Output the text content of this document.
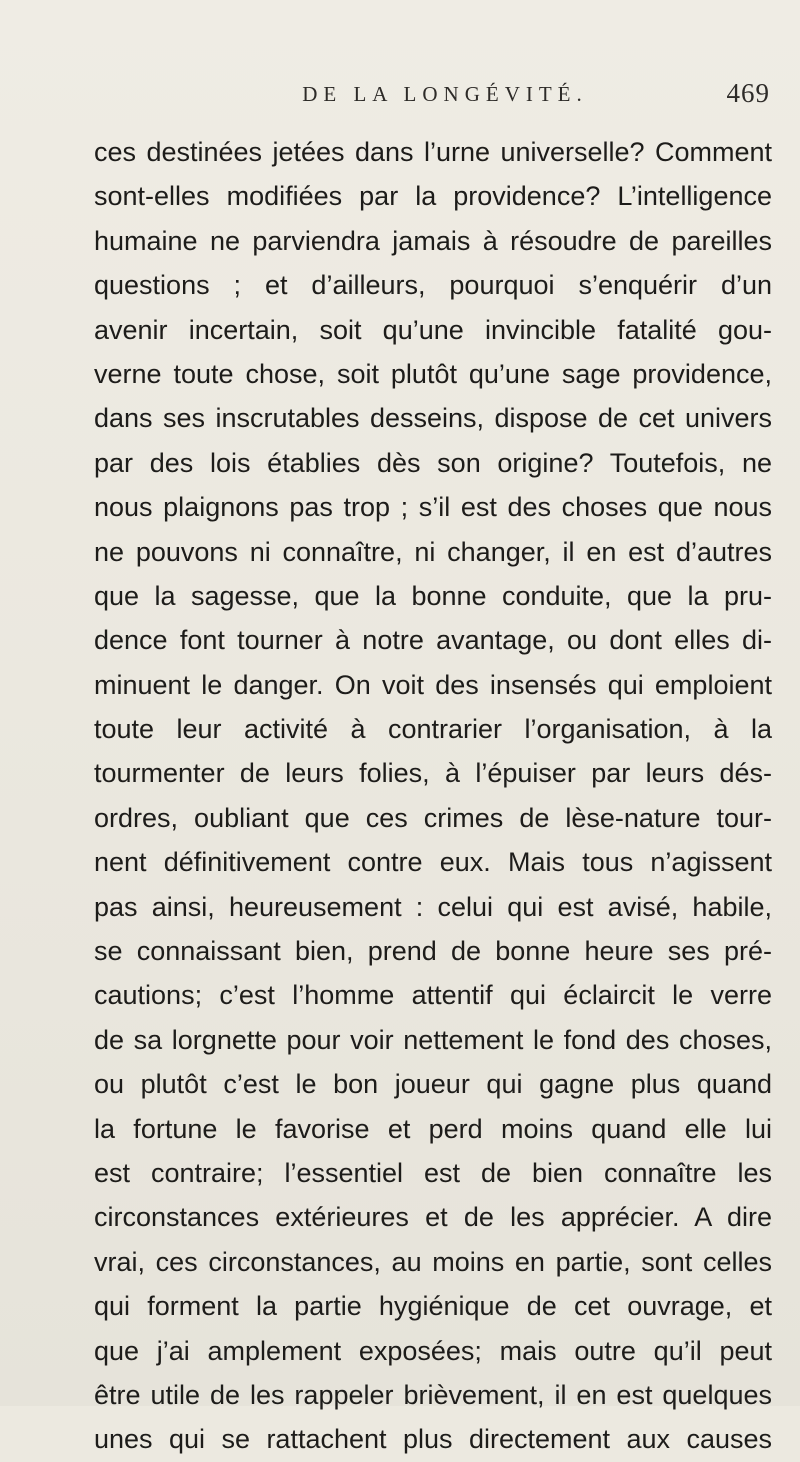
DE LA LONGÉVITÉ.	469
ces destinées jetées dans l’urne universelle? Comment
sont-elles modifiées par la providence? L’intelligence
humaine ne parviendra jamais à résoudre de pareilles
questions ; et d’ailleurs, pourquoi s’enquérir d’un
avenir incertain, soit qu’une invincible fatalité gou-
verne toute chose, soit plutôt qu’une sage providence,
dans ses inscrutables desseins, dispose de cet univers
par des lois établies dès son origine? Toutefois, ne
nous plaignons pas trop ; s’il est des choses que nous
ne pouvons ni connaître, ni changer, il en est d’autres
que la sagesse, que la bonne conduite, que la pru-
dence font tourner à notre avantage, ou dont elles di-
minuent le danger. On voit des insensés qui emploient
toute leur activité à contrarier l’organisation, à la
tourmenter de leurs folies, à l’épuiser par leurs dés-
ordres, oubliant que ces crimes de lèse-nature tour-
nent définitivement contre eux. Mais tous n’agissent
pas ainsi, heureusement : celui qui est avisé, habile,
se connaissant bien, prend de bonne heure ses pré-
cautions; c’est l’homme attentif qui éclaircit le verre
de sa lorgnette pour voir nettement le fond des choses,
ou plutôt c’est le bon joueur qui gagne plus quand
la fortune le favorise et perd moins quand elle lui
est contraire; l’essentiel est de bien connaître les
circonstances extérieures et de les apprécier. A dire
vrai, ces circonstances, au moins en partie, sont celles
qui forment la partie hygiénique de cet ouvrage, et
que j’ai amplement exposées; mais outre qu’il peut
être utile de les rappeler brièvement, il en est quelques
unes qui se rattachent plus directement aux causes
